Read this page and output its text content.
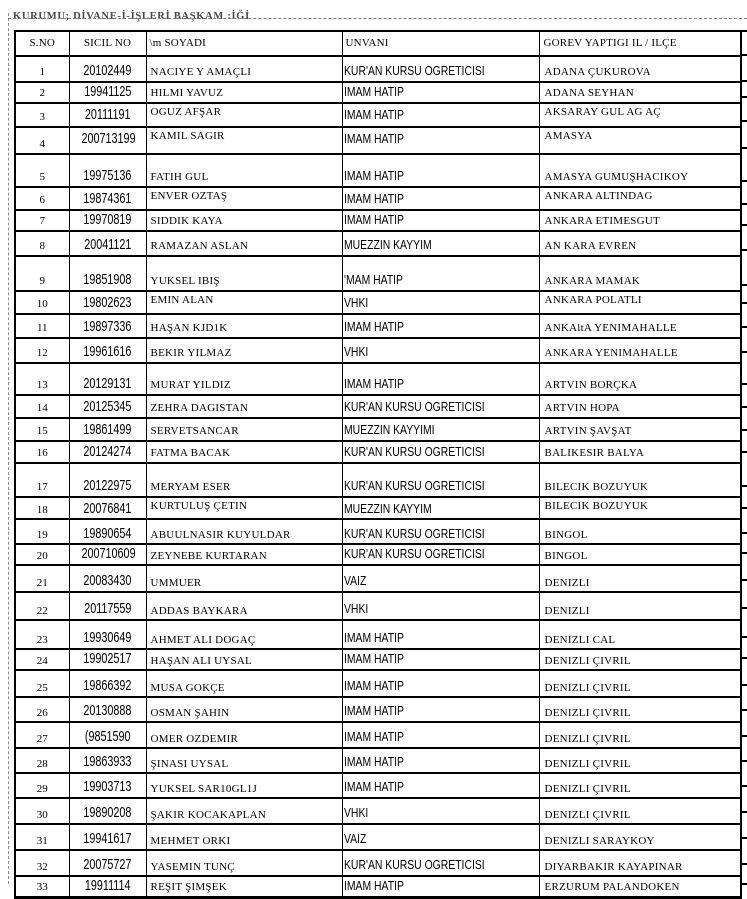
KURUMU; DİVANE-İ-İŞLERİ BAŞKAM :İĞİ
S.NO	SICIL NO	\m SOYADI	UNVANI	GOREV YAPTIGI IL / ILÇE
1	20102449	NACIYE Y AMAÇLI	KUR'AN KURSU OGRETICISI	ADANA ÇUKUROVA
2	19941125	HILMI YAVUZ	IMAM HATIP	ADANA SEYHAN
3	20111191	OGUZ AFŞAR	IMAM HATIP	AKSARAY GUL AG AÇ
4	200713199	KAMIL SAGIR	IMAM HATIP	AMASYA
5	19975136	FATIH GUL	IMAM HATIP	AMASYA GUMUŞHACIKOY
6	19874361	ENVER OZTAŞ	IMAM HATIP	ANKARA ALTINDAG
7	19970819	SIDDIK KAYA	IMAM HATIP	ANKARA ETIMESGUT
8	20041121	RAMAZAN ASLAN	MUEZZIN KAYYIM	AN KARA EVREN
9	19851908	YUKSEL IBIŞ	'MAM HATIP	ANKARA MAMAK
10	19802623	EMIN ALAN	VHKI	ANKARA POLATLI
11	19897336	HAŞAN KJD1K	IMAM HATIP	ANKAltA YENIMAHALLE
12	19961616	BEKIR YILMAZ	VHKI	ANKARA YENIMAHALLE
13	20129131	MURAT YILDIZ	IMAM HATIP	ARTVIN BORÇKA
14	20125345	ZEHRA DAGISTAN	KUR'AN KURSU OGRETICISI	ARTVIN HOPA
15	19861499	SERVETSANCAR	MUEZZIN KAYYIMI	ARTVIN ŞAVŞAT
16	20124274	FATMA BACAK	KUR'AN KURSU OGRETICISI	BALIKESIR BALYA
17	20122975	MERYAM ESER	KUR'AN KURSU OGRETICISI	BILECIK BOZUYUK
18	20076841	KURTULUŞ ÇETIN	MUEZZIN KAYYIM	BILECIK BOZUYUK
19	19890654	ABUULNASIR KUYULDAR	KUR'AN KURSU OGRETICISI	BINGOL
20	200710609	ZEYNEBE KURTARAN	KUR'AN KURSU OGRETICISI	BINGOL
21	20083430	UMMUER	VAIZ	DENIZLI
22	20117559	ADDAS BAYKARA	VHKI	DENIZLI
23	19930649	AHMET ALI DOGAÇ	IMAM HATIP	DENIZLI CAL
24	19902517	HAŞAN ALI UYSAL	IMAM HATIP	DENIZLI ÇIVRIL
25	19866392	MUSA GOKÇE	IMAM HATIP	DENIZLI ÇIVRIL
26	20130888	OSMAN ŞAHIN	IMAM HATIP	DENIZLI ÇIVRIL
27	(9851590	OMER OZDEMIR	IMAM HATIP	DENIZLI ÇIVRIL
28	19863933	ŞINASI UYSAL	IMAM HATIP	DENIZLI ÇIVRIL
29	19903713	YUKSEL SAR10GL1J	IMAM HATIP	DENIZLI ÇIVRIL
30	19890208	ŞAKIR KOCAKAPLAN	VHKI	DENIZLI ÇIVRIL
31	19941617	MEHMET ORKI	VAIZ	DENIZLI SARAYKOY
32	20075727	YASEMIN TUNÇ	KUR'AN KURSU OGRETICISI	DIYARBAKIR KAYAPINAR
33	19911114	REŞIT ŞIMŞEK	IMAM HATIP	ERZURUM PALANDOKEN
